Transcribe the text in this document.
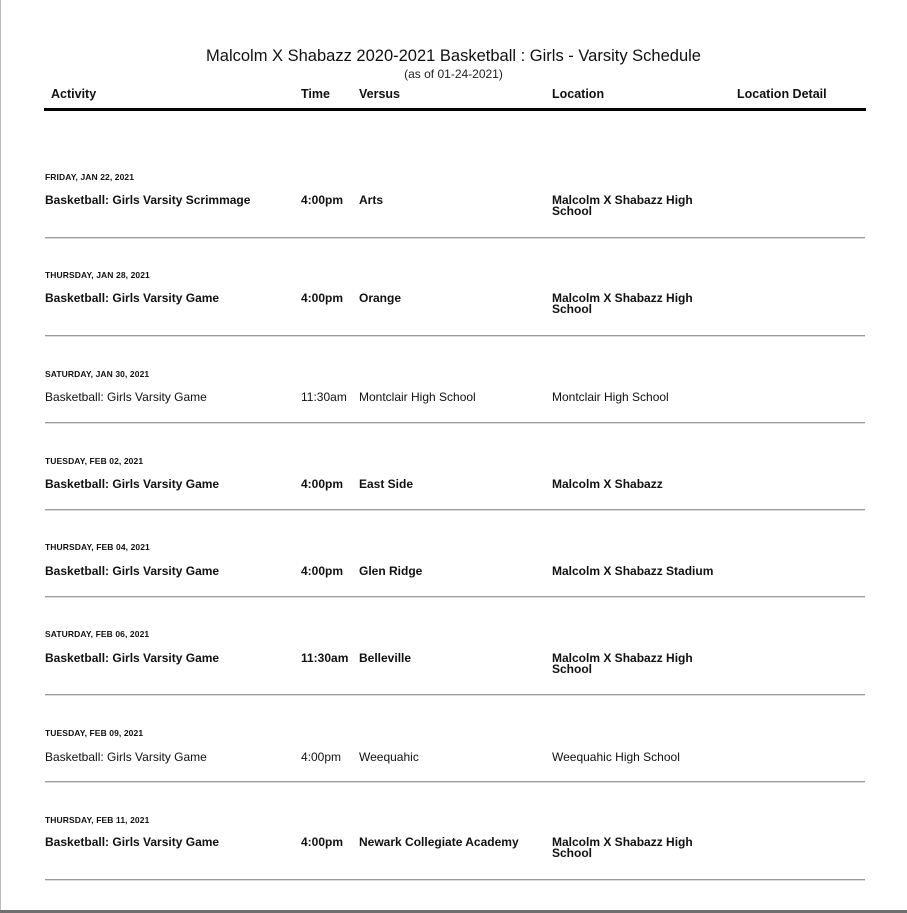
Malcolm X Shabazz 2020-2021 Basketball : Girls - Varsity Schedule
(as of 01-24-2021)
Activity	Time Versus	Location	Location Detail
FRIDAY, JAN 22, 2021
Basketball: Girls Varsity Scrimmage	4:00pm Arts	Malcolm X Shabazz High School
THURSDAY, JAN 28, 2021
Basketball: Girls Varsity Game	4:00pm Orange	Malcolm X Shabazz High School
SATURDAY, JAN 30, 2021
Basketball: Girls Varsity Game	11:30am Montclair High School	Montclair High School
TUESDAY, FEB 02, 2021
Basketball: Girls Varsity Game	4:00pm East Side	Malcolm X Shabazz
THURSDAY, FEB 04, 2021
Basketball: Girls Varsity Game	4:00pm Glen Ridge	Malcolm X Shabazz Stadium
SATURDAY, FEB 06, 2021
Basketball: Girls Varsity Game	11:30am Belleville	Malcolm X Shabazz High School
TUESDAY, FEB 09, 2021
Basketball: Girls Varsity Game	4:00pm Weequahic	Weequahic High School
THURSDAY, FEB 11, 2021
Basketball: Girls Varsity Game	4:00pm Newark Collegiate Academy	Malcolm X Shabazz High School
